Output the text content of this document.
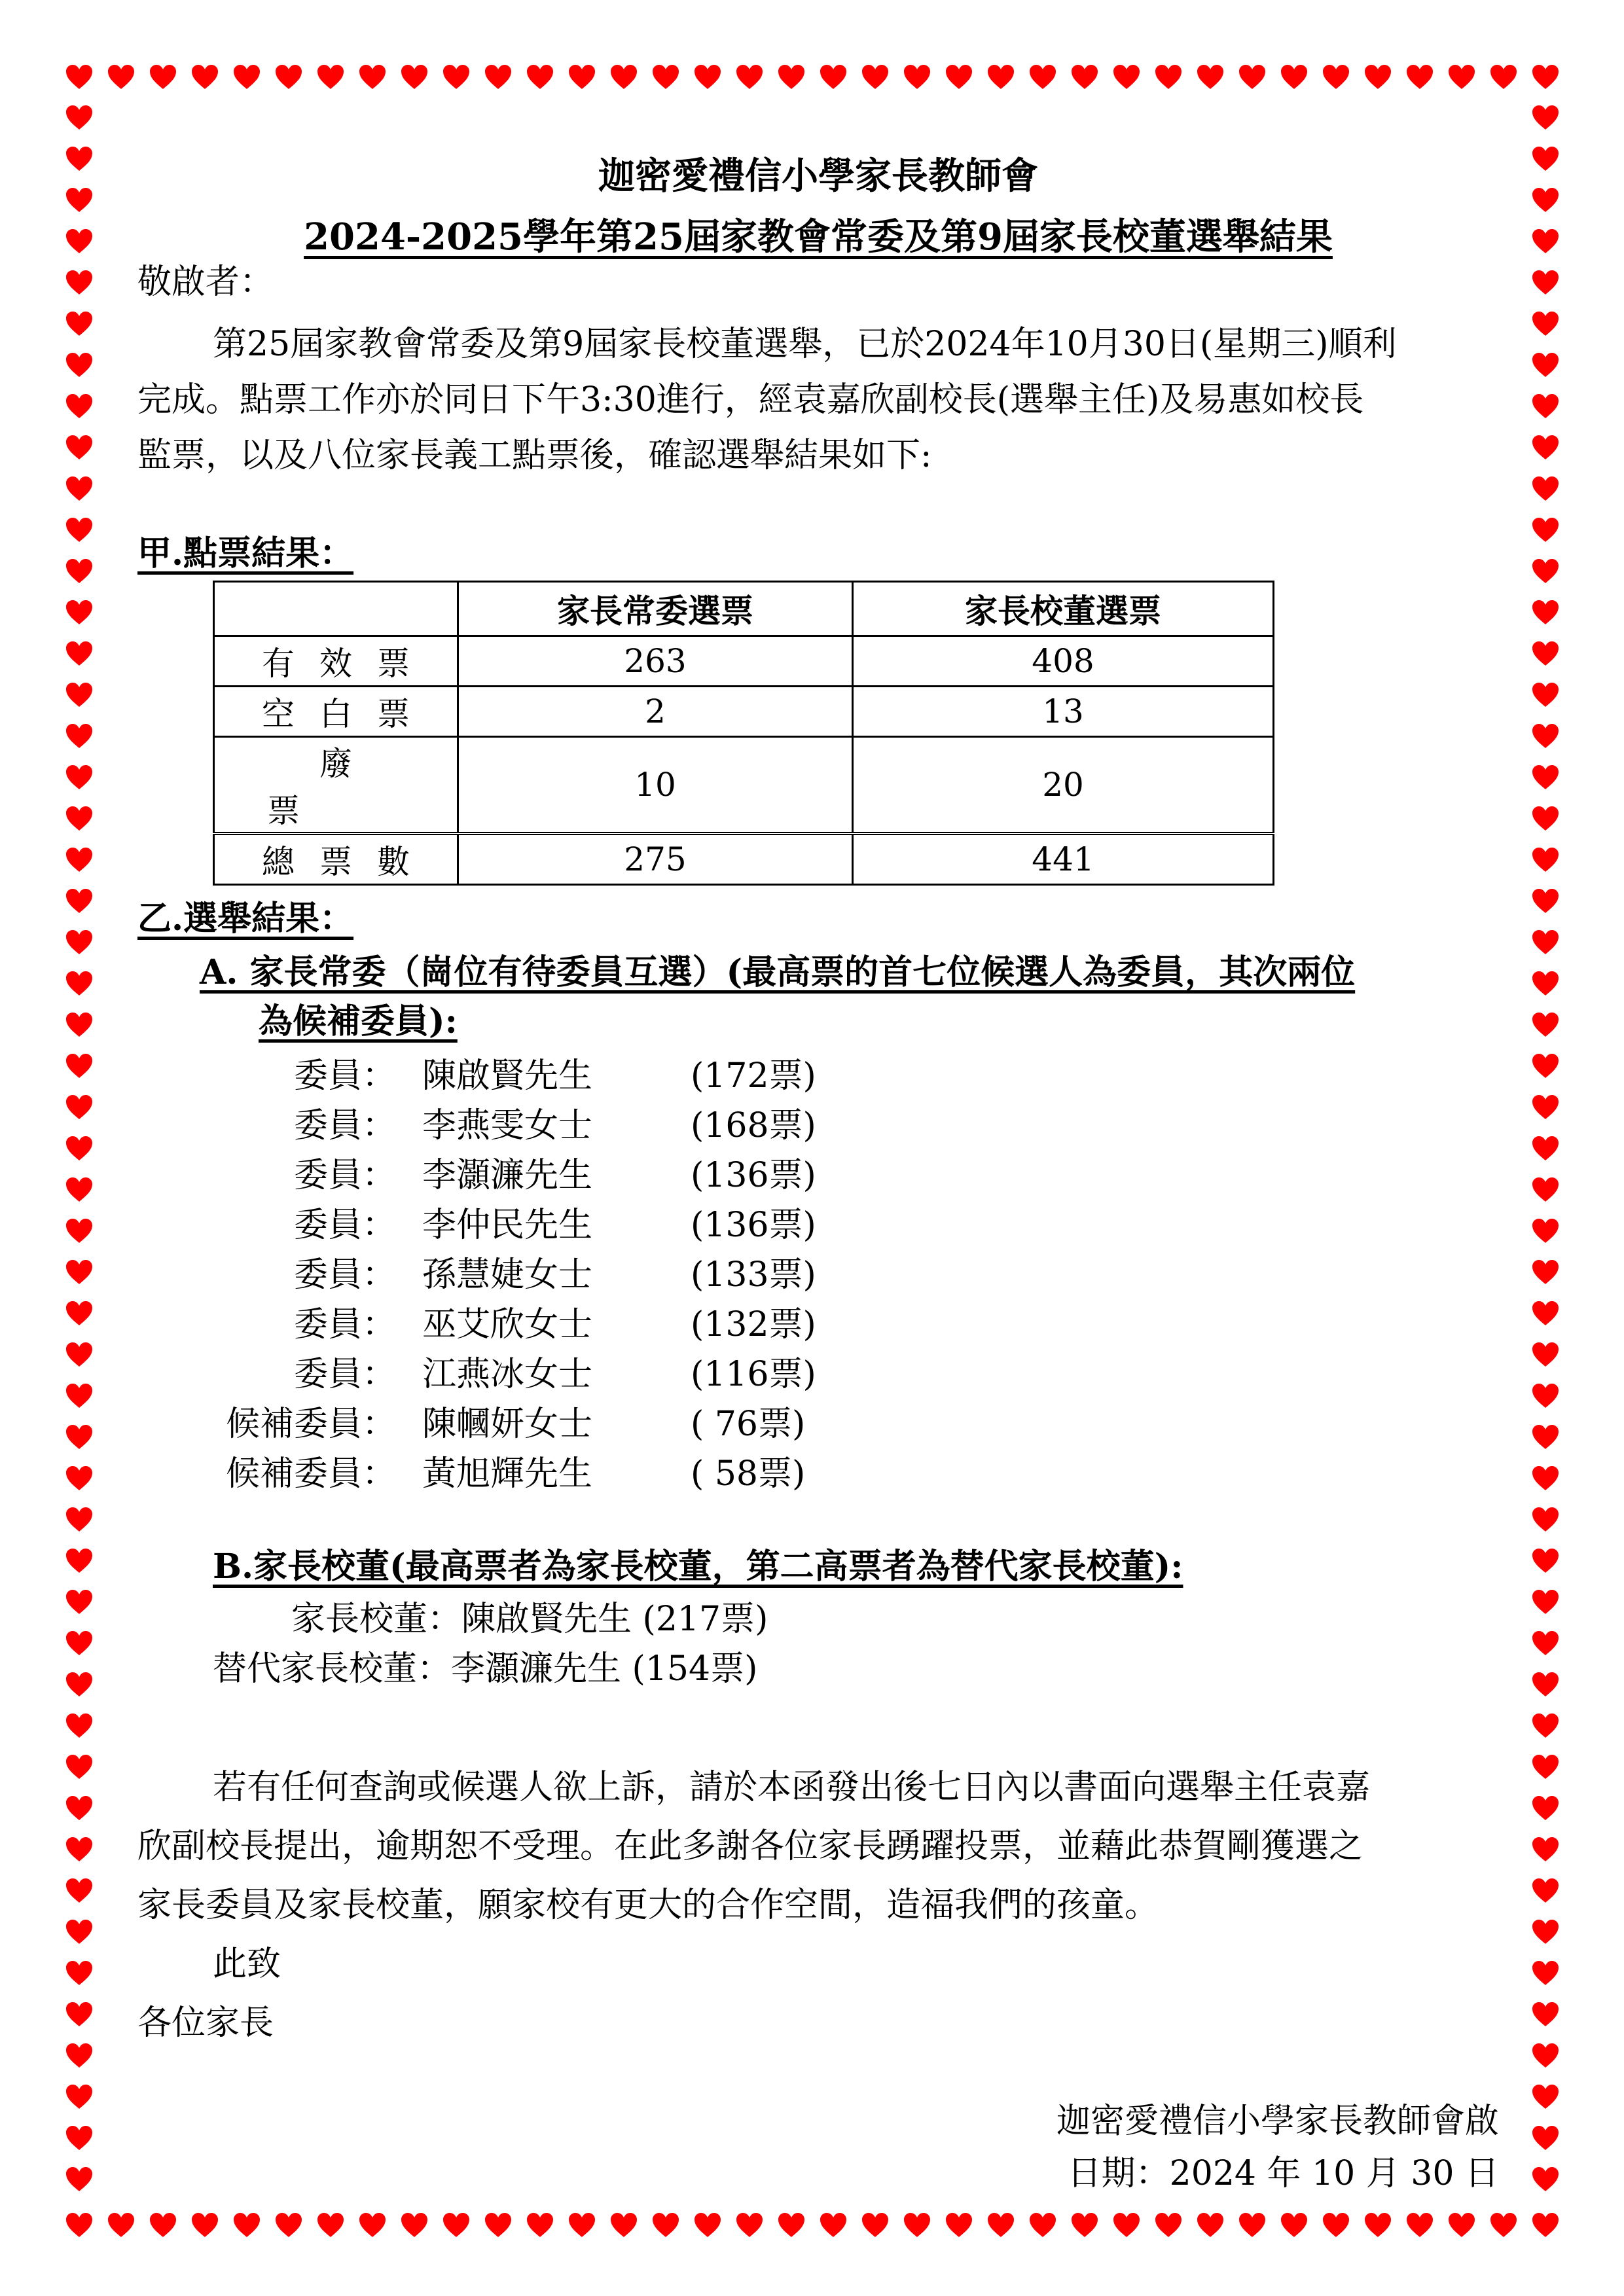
迦密愛禮信小學家長教師會
2024-2025學年第25屆家教會常委及第9屆家長校董選舉結果
敬啟者：
第25屆家教會常委及第9屆家長校董選舉，已於2024年10月30日(星期三)順利
完成。點票工作亦於同日下午3:30進行，經袁嘉欣副校長(選舉主任)及易惠如校長
監票，以及八位家長義工點票後，確認選舉結果如下:
甲.點票結果：
	家長常委選票	家長校董選票
有效票	263	408
空白票	2	13
廢票	10	20
總票數	275	441
乙.選舉結果：
A. 家長常委（崗位有待委員互選）(最高票的首七位候選人為委員，其次兩位
為候補委員):
委員： 陳啟賢先生	(172票)
委員： 李燕雯女士	(168票)
委員： 李灝濂先生	(136票)
委員： 李仲民先生	(136票)
委員： 孫慧婕女士	(133票)
委員： 巫艾欣女士	(132票)
委員： 江燕冰女士	(116票)
候補委員： 陳幗妍女士	( 76票)
候補委員： 黃旭輝先生	( 58票)
B.家長校董(最高票者為家長校董，第二高票者為替代家長校董):
家長校董：陳啟賢先生 (217票)
替代家長校董：李灝濂先生 (154票)
若有任何查詢或候選人欲上訴，請於本函發出後七日內以書面向選舉主任袁嘉
欣副校長提出，逾期恕不受理。在此多謝各位家長踴躍投票，並藉此恭賀剛獲選之
家長委員及家長校董，願家校有更大的合作空間，造福我們的孩童。
此致
各位家長
迦密愛禮信小學家長教師會啟
日期：2024 年 10 月 30 日
